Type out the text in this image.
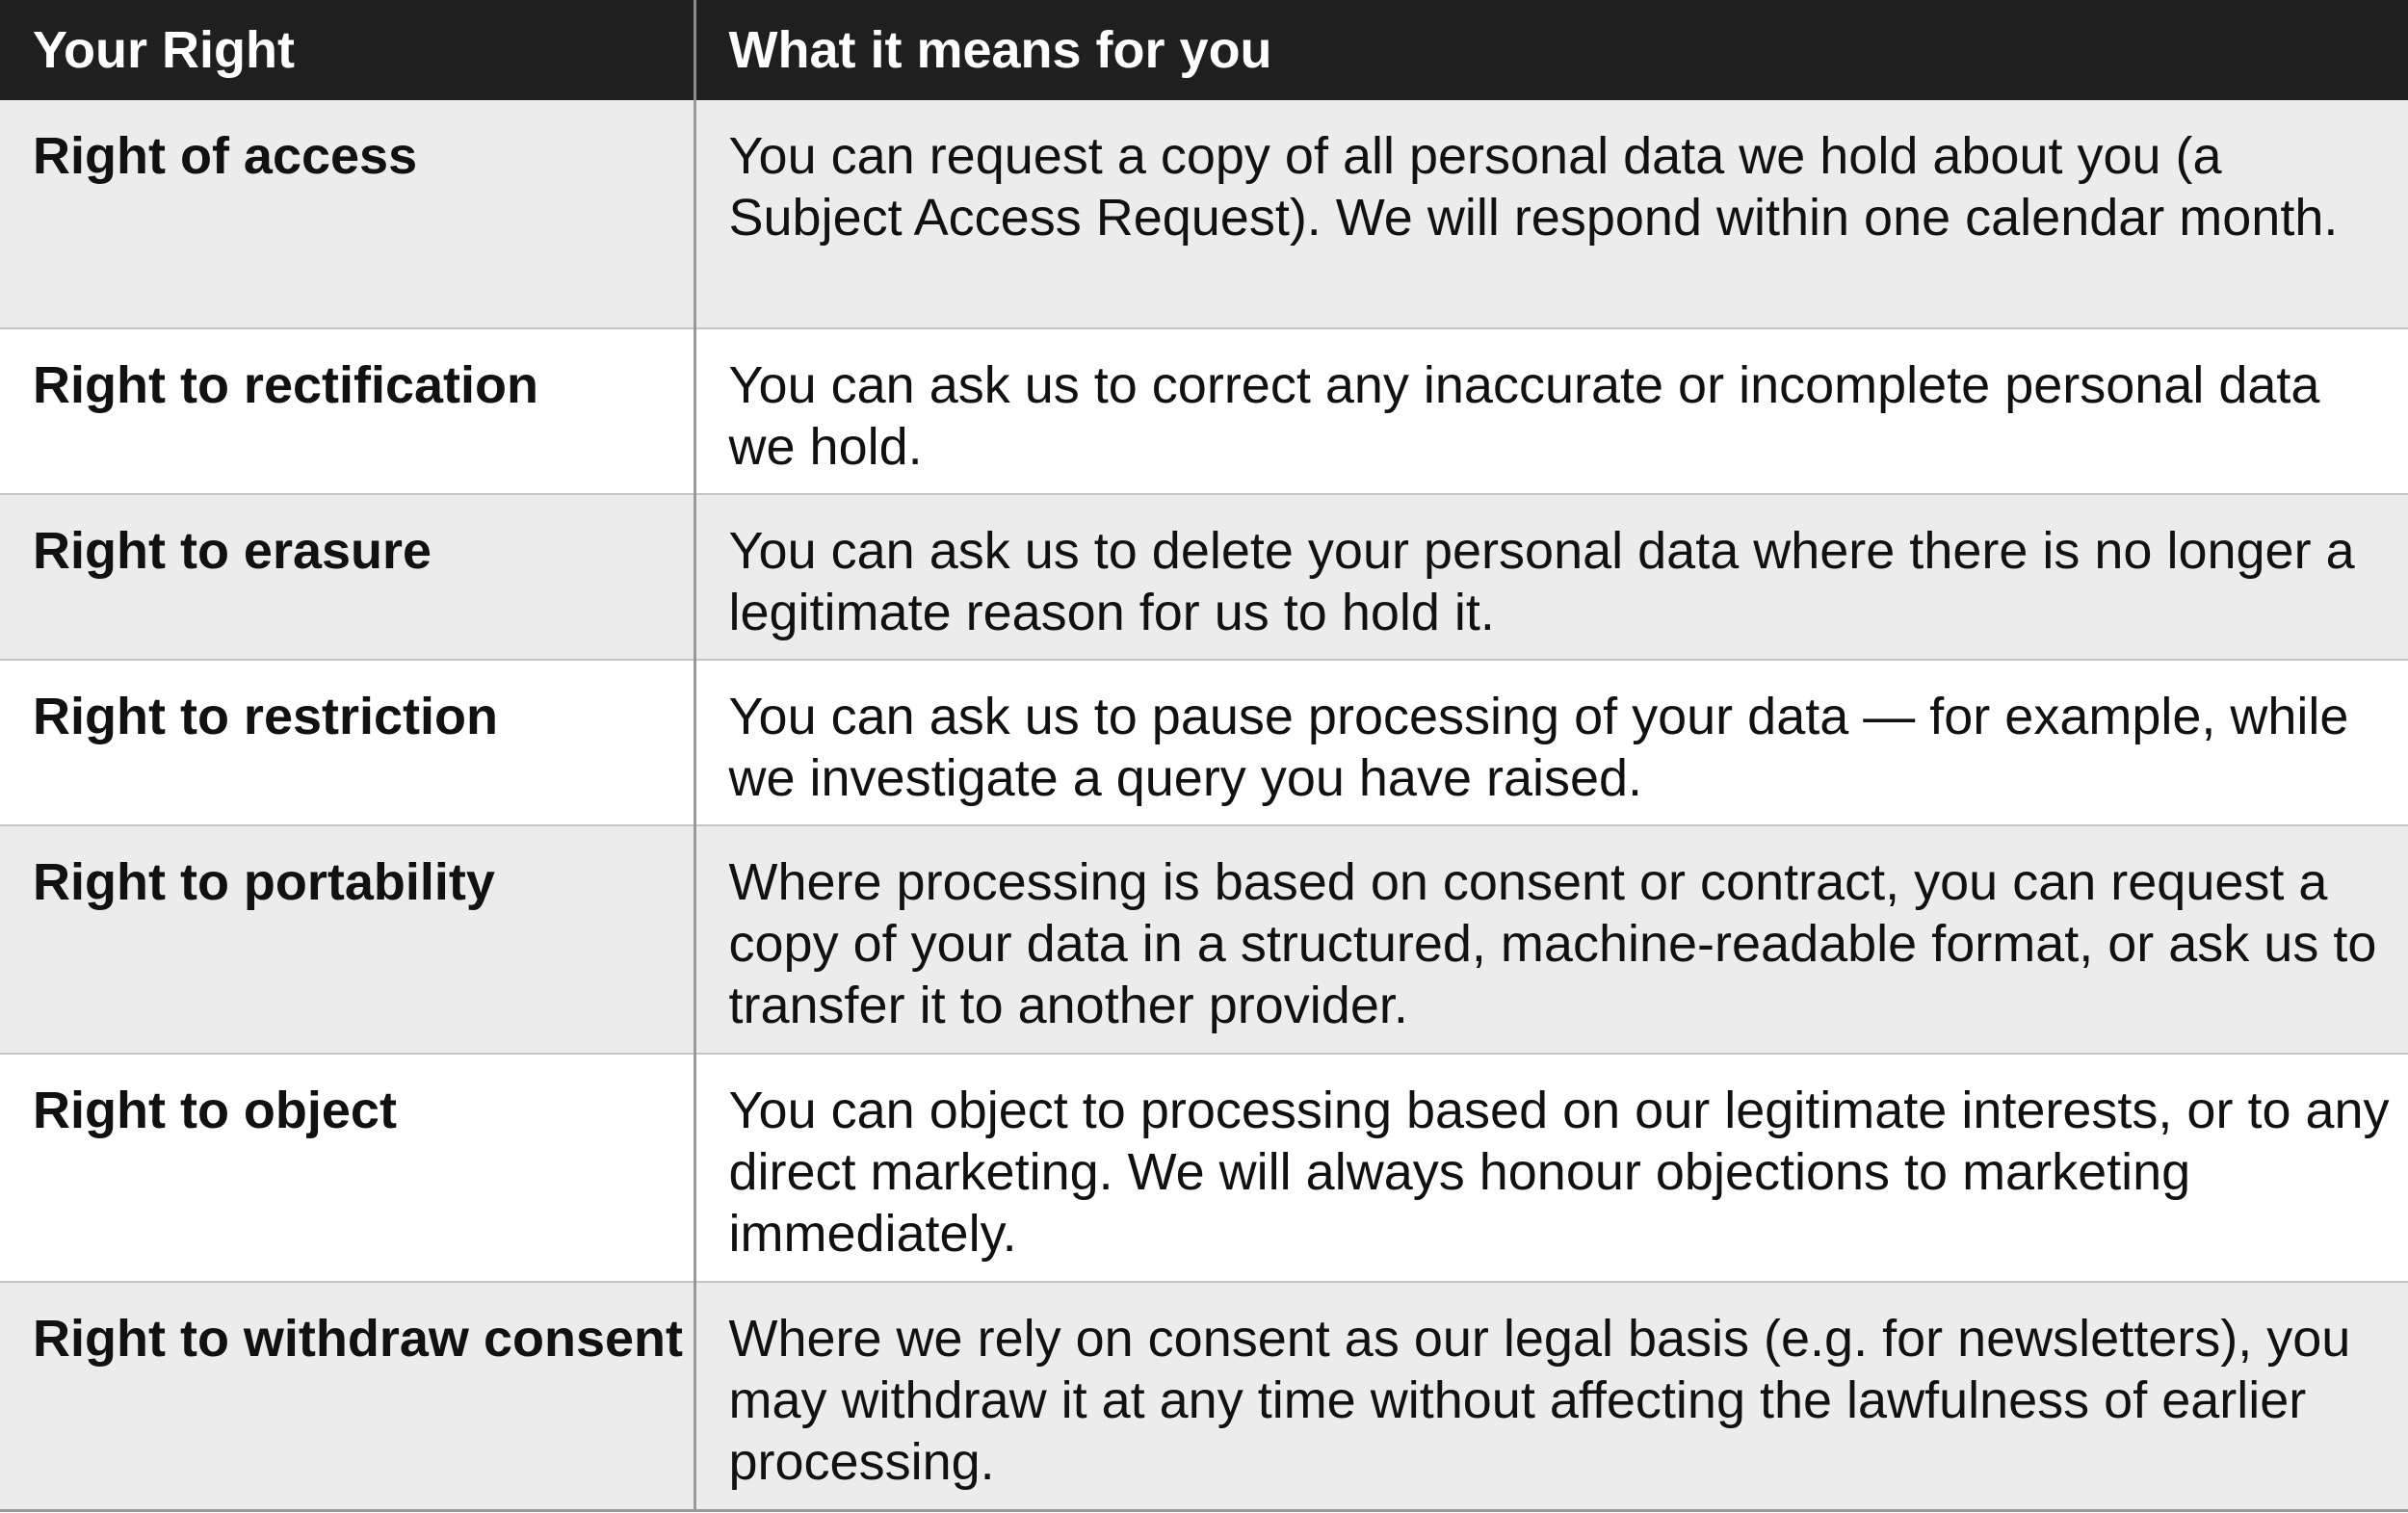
Your Right	What it means for you
Right of access	You can request a copy of all personal data we hold about you (a Subject Access Request). We will respond within one calendar month.
Right to rectification	You can ask us to correct any inaccurate or incomplete personal data we hold.
Right to erasure	You can ask us to delete your personal data where there is no longer a legitimate reason for us to hold it.
Right to restriction	You can ask us to pause processing of your data — for example, while we investigate a query you have raised.
Right to portability	Where processing is based on consent or contract, you can request a copy of your data in a structured, machine-readable format, or ask us to transfer it to another provider.
Right to object	You can object to processing based on our legitimate interests, or to any direct marketing. We will always honour objections to marketing immediately.
Right to withdraw consent	Where we rely on consent as our legal basis (e.g. for newsletters), you may withdraw it at any time without affecting the lawfulness of earlier processing.
